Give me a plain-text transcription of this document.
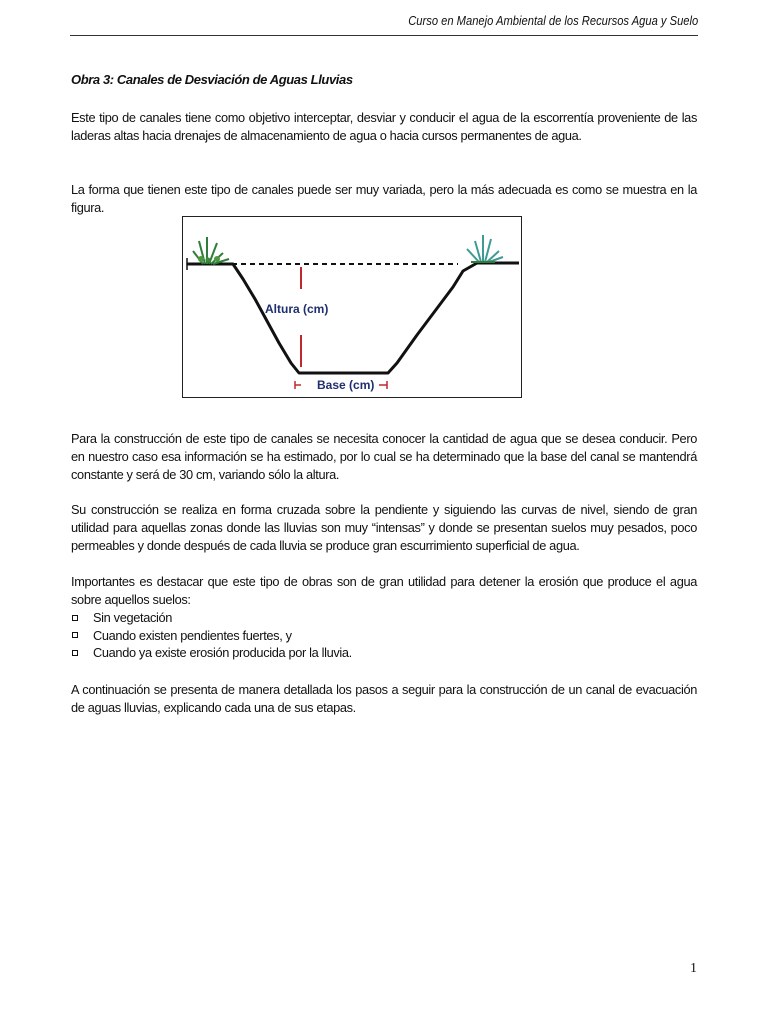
Curso en Manejo Ambiental de los Recursos Agua y Suelo
Obra 3: Canales de Desviación de Aguas Lluvias

Este tipo de canales tiene como objetivo interceptar, desviar y conducir el agua de la escorrentía proveniente de las laderas altas hacia drenajes de almacenamiento de agua o hacia cursos permanentes de agua.

La forma que tienen este tipo de canales puede ser muy variada, pero la más adecuada es como se muestra en la figura.

Altura (cm)
Base (cm)

Para la construcción de este tipo de canales se necesita conocer la cantidad de agua que se desea conducir. Pero en nuestro caso esa información se ha estimado, por lo cual se ha determinado que la base del canal se mantendrá constante y será de 30 cm, variando sólo la altura.

Su construcción se realiza en forma cruzada sobre la pendiente y siguiendo las curvas de nivel, siendo de gran utilidad para aquellas zonas donde las lluvias son muy “intensas” y donde se presentan suelos muy pesados, poco permeables y donde después de cada lluvia se produce gran escurrimiento superficial de agua.

Importantes es destacar que este tipo de obras son de gran utilidad para detener la erosión que produce el agua sobre aquellos suelos:

Sin vegetación
Cuando existen pendientes fuertes, y
Cuando ya existe erosión producida por la lluvia.

A continuación se presenta de manera detallada los pasos a seguir para la construcción de un canal de evacuación de aguas lluvias, explicando cada una de sus etapas.

1
